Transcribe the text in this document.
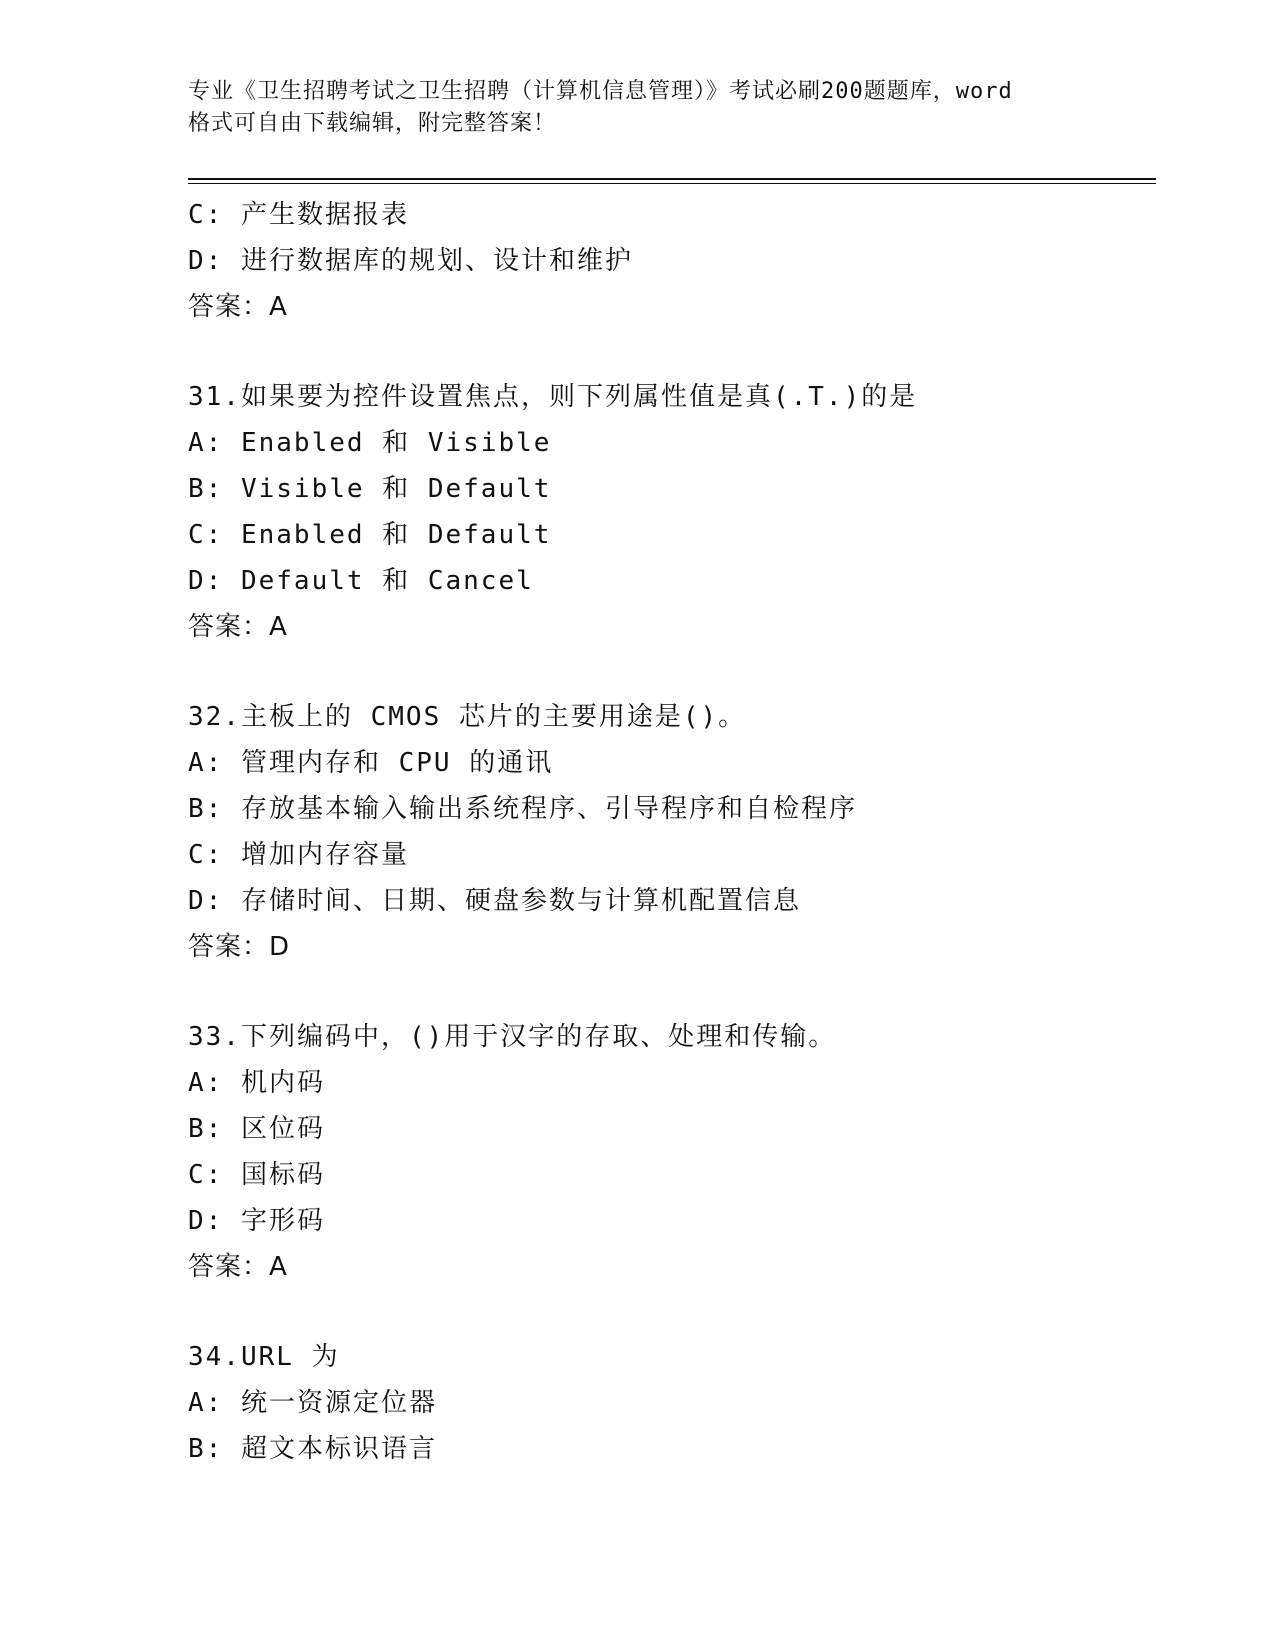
专业《卫生招聘考试之卫生招聘（计算机信息管理）》考试必刷200题题库，word
格式可自由下载编辑，附完整答案！
C: 产生数据报表
D: 进行数据库的规划、设计和维护
答案：A
31.如果要为控件设置焦点，则下列属性值是真(.T.)的是
A: Enabled 和 Visible
B: Visible 和 Default
C: Enabled 和 Default
D: Default 和 Cancel
答案：A
32.主板上的 CMOS 芯片的主要用途是()。
A: 管理内存和 CPU 的通讯
B: 存放基本输入输出系统程序、引导程序和自检程序
C: 增加内存容量
D: 存储时间、日期、硬盘参数与计算机配置信息
答案：D
33.下列编码中，()用于汉字的存取、处理和传输。
A: 机内码
B: 区位码
C: 国标码
D: 字形码
答案：A
34.URL 为
A: 统一资源定位器
B: 超文本标识语言
